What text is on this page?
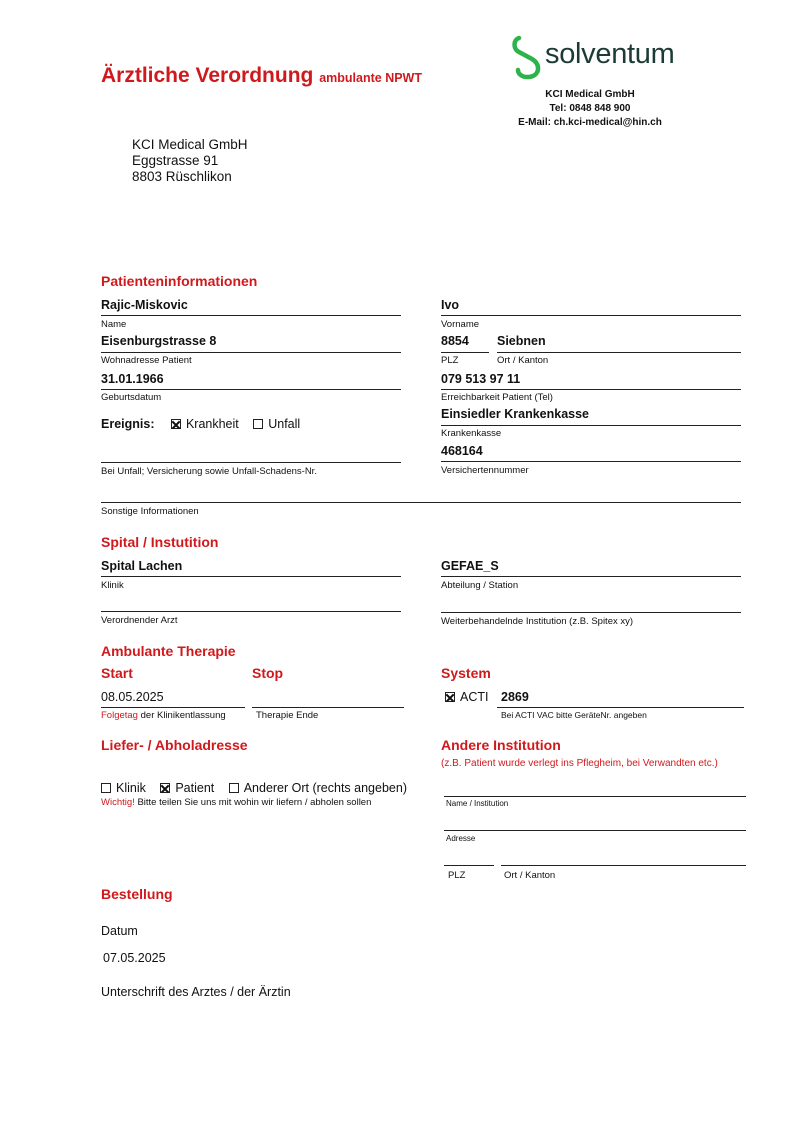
Ärztliche Verordnung ambulante NPWT
solventum
KCI Medical GmbH
Tel: 0848 848 900
E-Mail: ch.kci-medical@hin.ch
KCI Medical GmbH
Eggstrasse 91
8803 Rüschlikon
Patienteninformationen
Rajic-Miskovic
Name
Ivo
Vorname
Eisenburgstrasse 8
Wohnadresse Patient
8854
PLZ
Siebnen
Ort / Kanton
31.01.1966
Geburtsdatum
079 513 97 11
Erreichbarkeit Patient (Tel)
Ereignis:	Krankheit Unfall
Einsiedler Krankenkasse
Krankenkasse
Bei Unfall; Versicherung sowie Unfall-Schadens-Nr.
468164
Versichertennummer
Sonstige Informationen
Spital / Instutition
Spital Lachen
Klinik
GEFAE_S
Abteilung / Station
Verordnender Arzt	Weiterbehandelnde Institution (z.B. Spitex xy)
Ambulante Therapie
Start	Stop	System
08.05.2025
Folgetag der Klinikentlassung	Therapie Ende
ACTI 2869
Bei ACTI VAC bitte GeräteNr. angeben
Liefer- / Abholadresse
Klinik Patient Anderer Ort (rechts angeben)
Wichtig! Bitte teilen Sie uns mit wohin wir liefern / abholen sollen
Andere Institution
(z.B. Patient wurde verlegt ins Pflegheim, bei Verwandten etc.)
Name / Institution
Adresse
PLZ	Ort / Kanton
Bestellung
Datum
07.05.2025
Unterschrift des Arztes / der Ärztin
